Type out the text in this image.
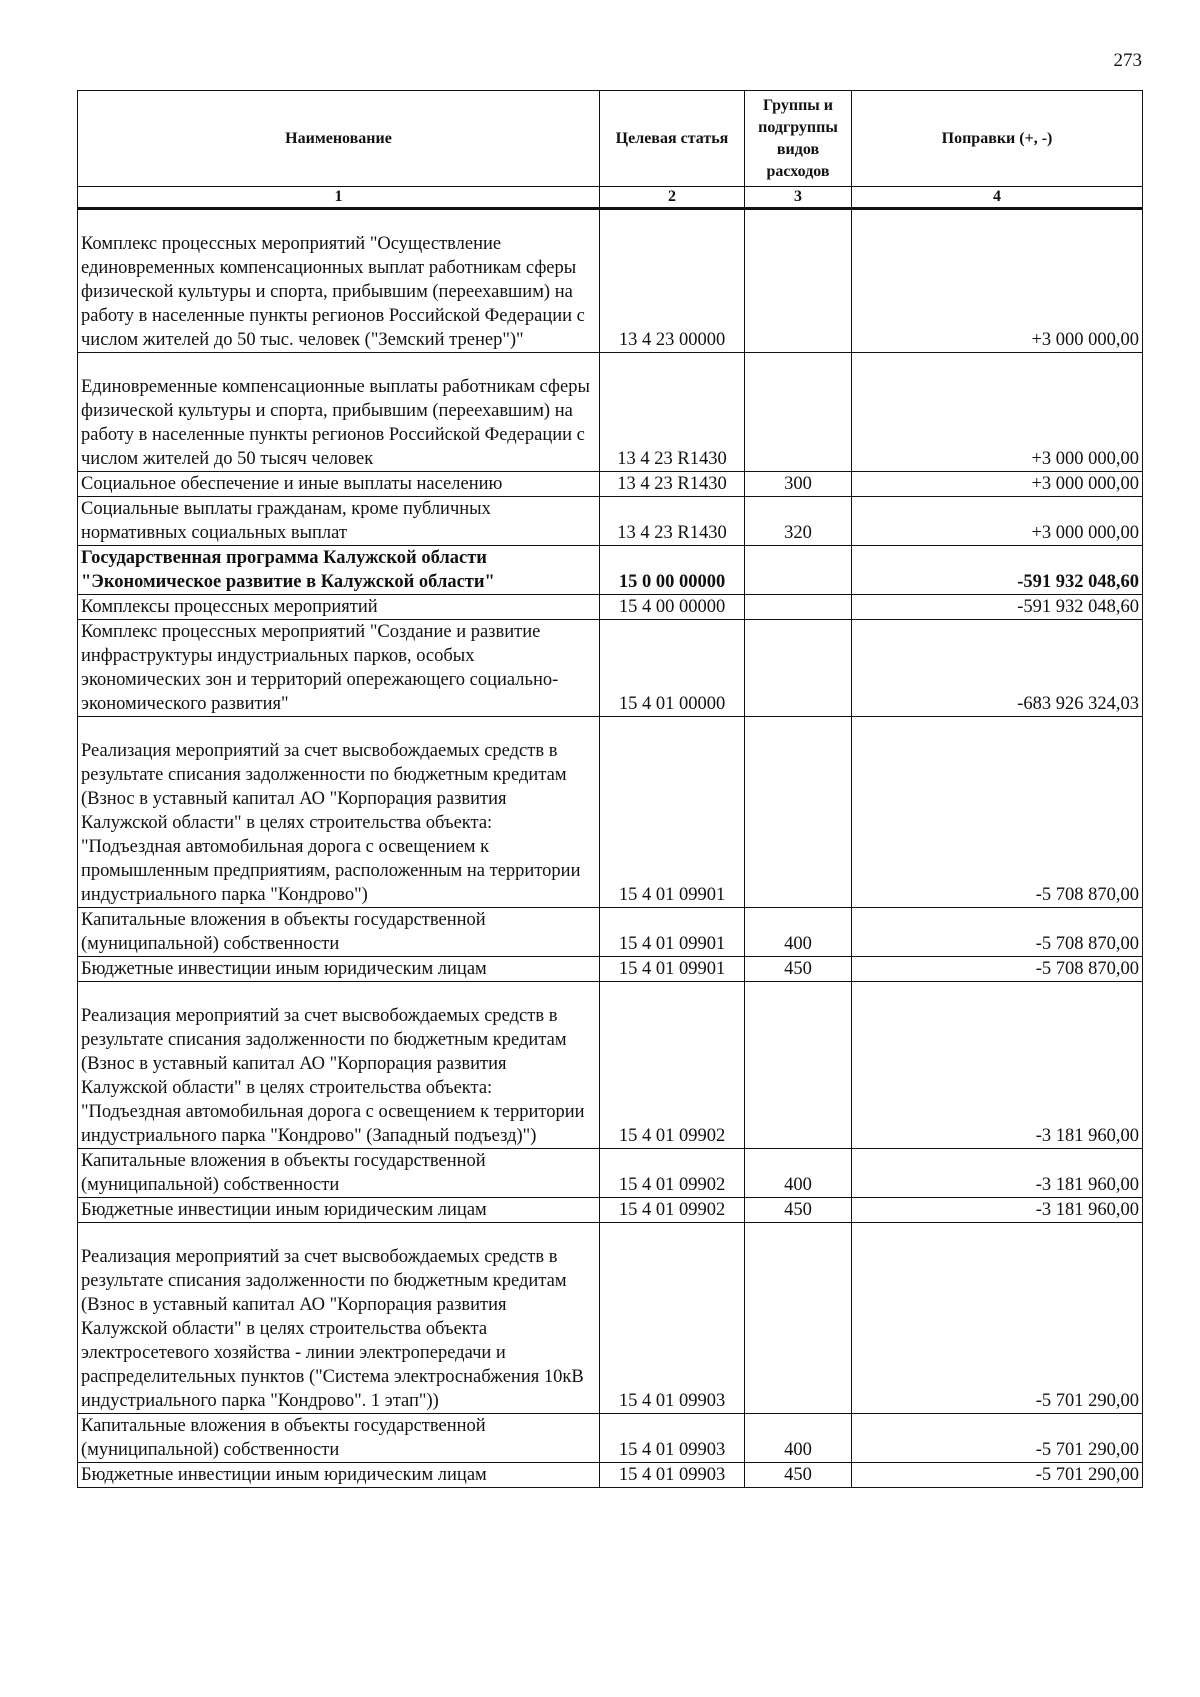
273
Наименование	Целевая статья	Группы и подгруппы видов расходов	Поправки (+, -)
1	2	3	4

Комплекс процессных мероприятий "Осуществление единовременных компенсационных выплат работникам сферы физической культуры и спорта, прибывшим (переехавшим) на работу в населенные пункты регионов Российской Федерации с числом жителей до 50 тыс. человек ("Земский тренер")"	13 4 23 00000		+3 000 000,00

Единовременные компенсационные выплаты работникам сферы физической культуры и спорта, прибывшим (переехавшим) на работу в населенные пункты регионов Российской Федерации с числом жителей до 50 тысяч человек	13 4 23 R1430		+3 000 000,00
Социальное обеспечение и иные выплаты населению	13 4 23 R1430	300	+3 000 000,00
Социальные выплаты гражданам, кроме публичных нормативных социальных выплат	13 4 23 R1430	320	+3 000 000,00
Государственная программа Калужской области "Экономическое развитие в Калужской области"	15 0 00 00000		-591 932 048,60
Комплексы процессных мероприятий	15 4 00 00000		-591 932 048,60
Комплекс процессных мероприятий "Создание и развитие инфраструктуры индустриальных парков, особых экономических зон и территорий опережающего социально-экономического развития"	15 4 01 00000		-683 926 324,03

Реализация мероприятий за счет высвобождаемых средств в результате списания задолженности по бюджетным кредитам (Взнос в уставный капитал АО "Корпорация развития Калужской области" в целях строительства объекта: "Подъездная автомобильная дорога с освещением к промышленным предприятиям, расположенным на территории индустриального парка "Кондрово")	15 4 01 09901		-5 708 870,00
Капитальные вложения в объекты государственной (муниципальной) собственности	15 4 01 09901	400	-5 708 870,00
Бюджетные инвестиции иным юридическим лицам	15 4 01 09901	450	-5 708 870,00

Реализация мероприятий за счет высвобождаемых средств в результате списания задолженности по бюджетным кредитам (Взнос в уставный капитал АО "Корпорация развития Калужской области" в целях строительства объекта: "Подъездная автомобильная дорога с освещением к территории индустриального парка "Кондрово" (Западный подъезд)")	15 4 01 09902		-3 181 960,00
Капитальные вложения в объекты государственной (муниципальной) собственности	15 4 01 09902	400	-3 181 960,00
Бюджетные инвестиции иным юридическим лицам	15 4 01 09902	450	-3 181 960,00

Реализация мероприятий за счет высвобождаемых средств в результате списания задолженности по бюджетным кредитам (Взнос в уставный капитал АО "Корпорация развития Калужской области" в целях строительства объекта электросетевого хозяйства - линии электропередачи и распределительных пунктов ("Система электроснабжения 10кВ индустриального парка "Кондрово". 1 этап"))	15 4 01 09903		-5 701 290,00
Капитальные вложения в объекты государственной (муниципальной) собственности	15 4 01 09903	400	-5 701 290,00
Бюджетные инвестиции иным юридическим лицам	15 4 01 09903	450	-5 701 290,00
